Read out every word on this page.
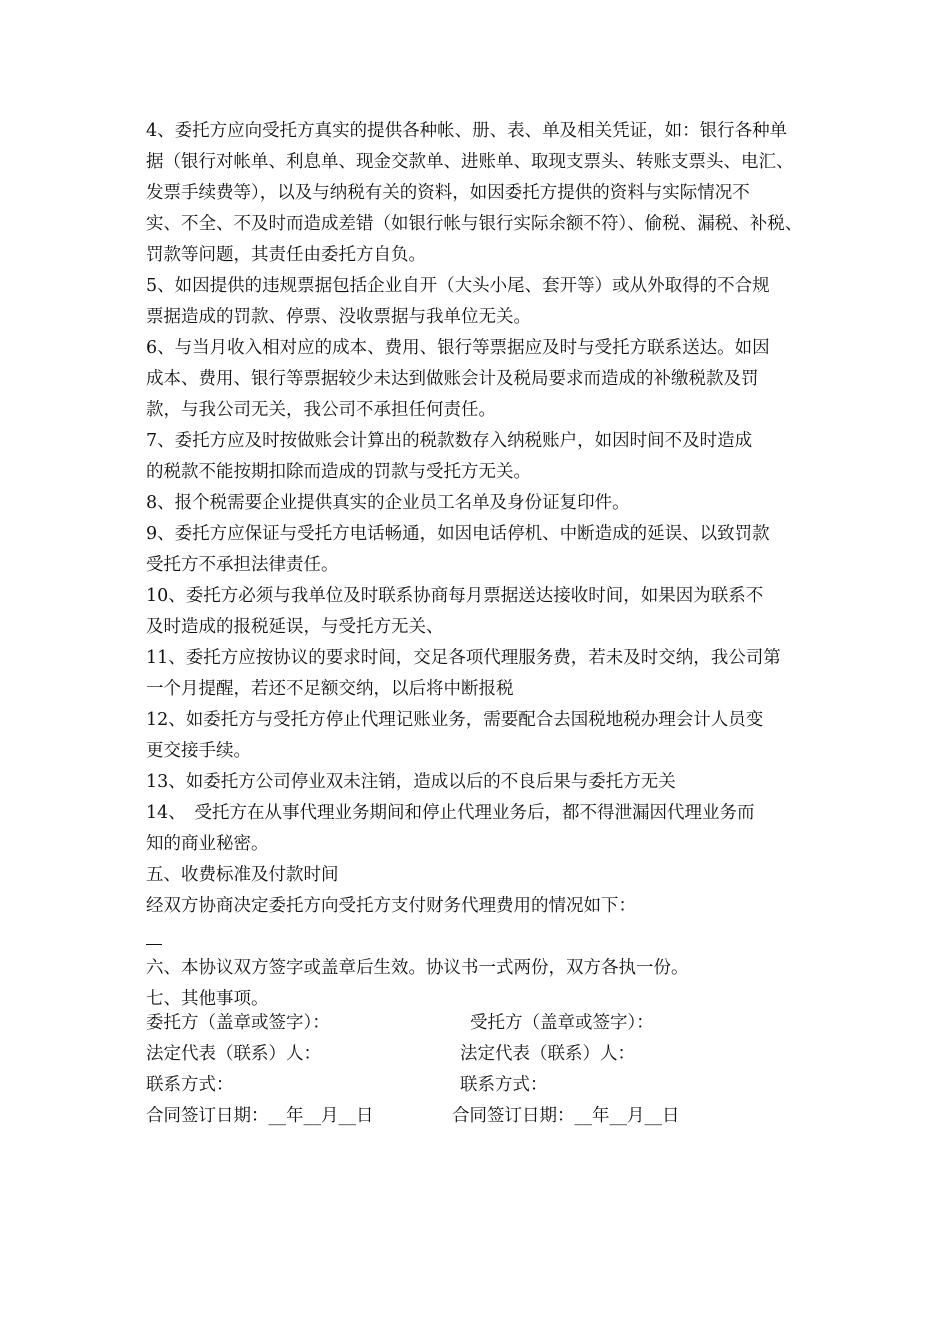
4、委托方应向受托方真实的提供各种帐、册、表、单及相关凭证，如：银行各种单
据（银行对帐单、利息单、现金交款单、进账单、取现支票头、转账支票头、电汇、
发票手续费等），以及与纳税有关的资料，如因委托方提供的资料与实际情况不
实、不全、不及时而造成差错（如银行帐与银行实际余额不符）、偷税、漏税、补税、
罚款等问题，其责任由委托方自负。

5、如因提供的违规票据包括企业自开（大头小尾、套开等）或从外取得的不合规
票据造成的罚款、停票、没收票据与我单位无关。

6、与当月收入相对应的成本、费用、银行等票据应及时与受托方联系送达。如因
成本、费用、银行等票据较少未达到做账会计及税局要求而造成的补缴税款及罚
款，与我公司无关，我公司不承担任何责任。

7、委托方应及时按做账会计算出的税款数存入纳税账户，如因时间不及时造成
的税款不能按期扣除而造成的罚款与受托方无关。

8、报个税需要企业提供真实的企业员工名单及身份证复印件。

9、委托方应保证与受托方电话畅通，如因电话停机、中断造成的延误、以致罚款
受托方不承担法律责任。

10、委托方必须与我单位及时联系协商每月票据送达接收时间，如果因为联系不
及时造成的报税延误，与受托方无关、

11、委托方应按协议的要求时间，交足各项代理服务费，若未及时交纳，我公司第
一个月提醒，若还不足额交纳，以后将中断报税

12、如委托方与受托方停止代理记账业务，需要配合去国税地税办理会计人员变
更交接手续。

13、如委托方公司停业双未注销，造成以后的不良后果与委托方无关

14、　受托方在从事代理业务期间和停止代理业务后，都不得泄漏因代理业务而
知的商业秘密。

五、收费标准及付款时间
经双方协商决定委托方向受托方支付财务代理费用的情况如下：

六、本协议双方签字或盖章后生效。协议书一式两份，双方各执一份。

七、其他事项。

委托方（盖章或签字）：	受托方（盖章或签字）：
法定代表（联系）人：	法定代表（联系）人：
联系方式：	联系方式：
合同签订日期：__年__月__日	合同签订日期：__年__月__日
